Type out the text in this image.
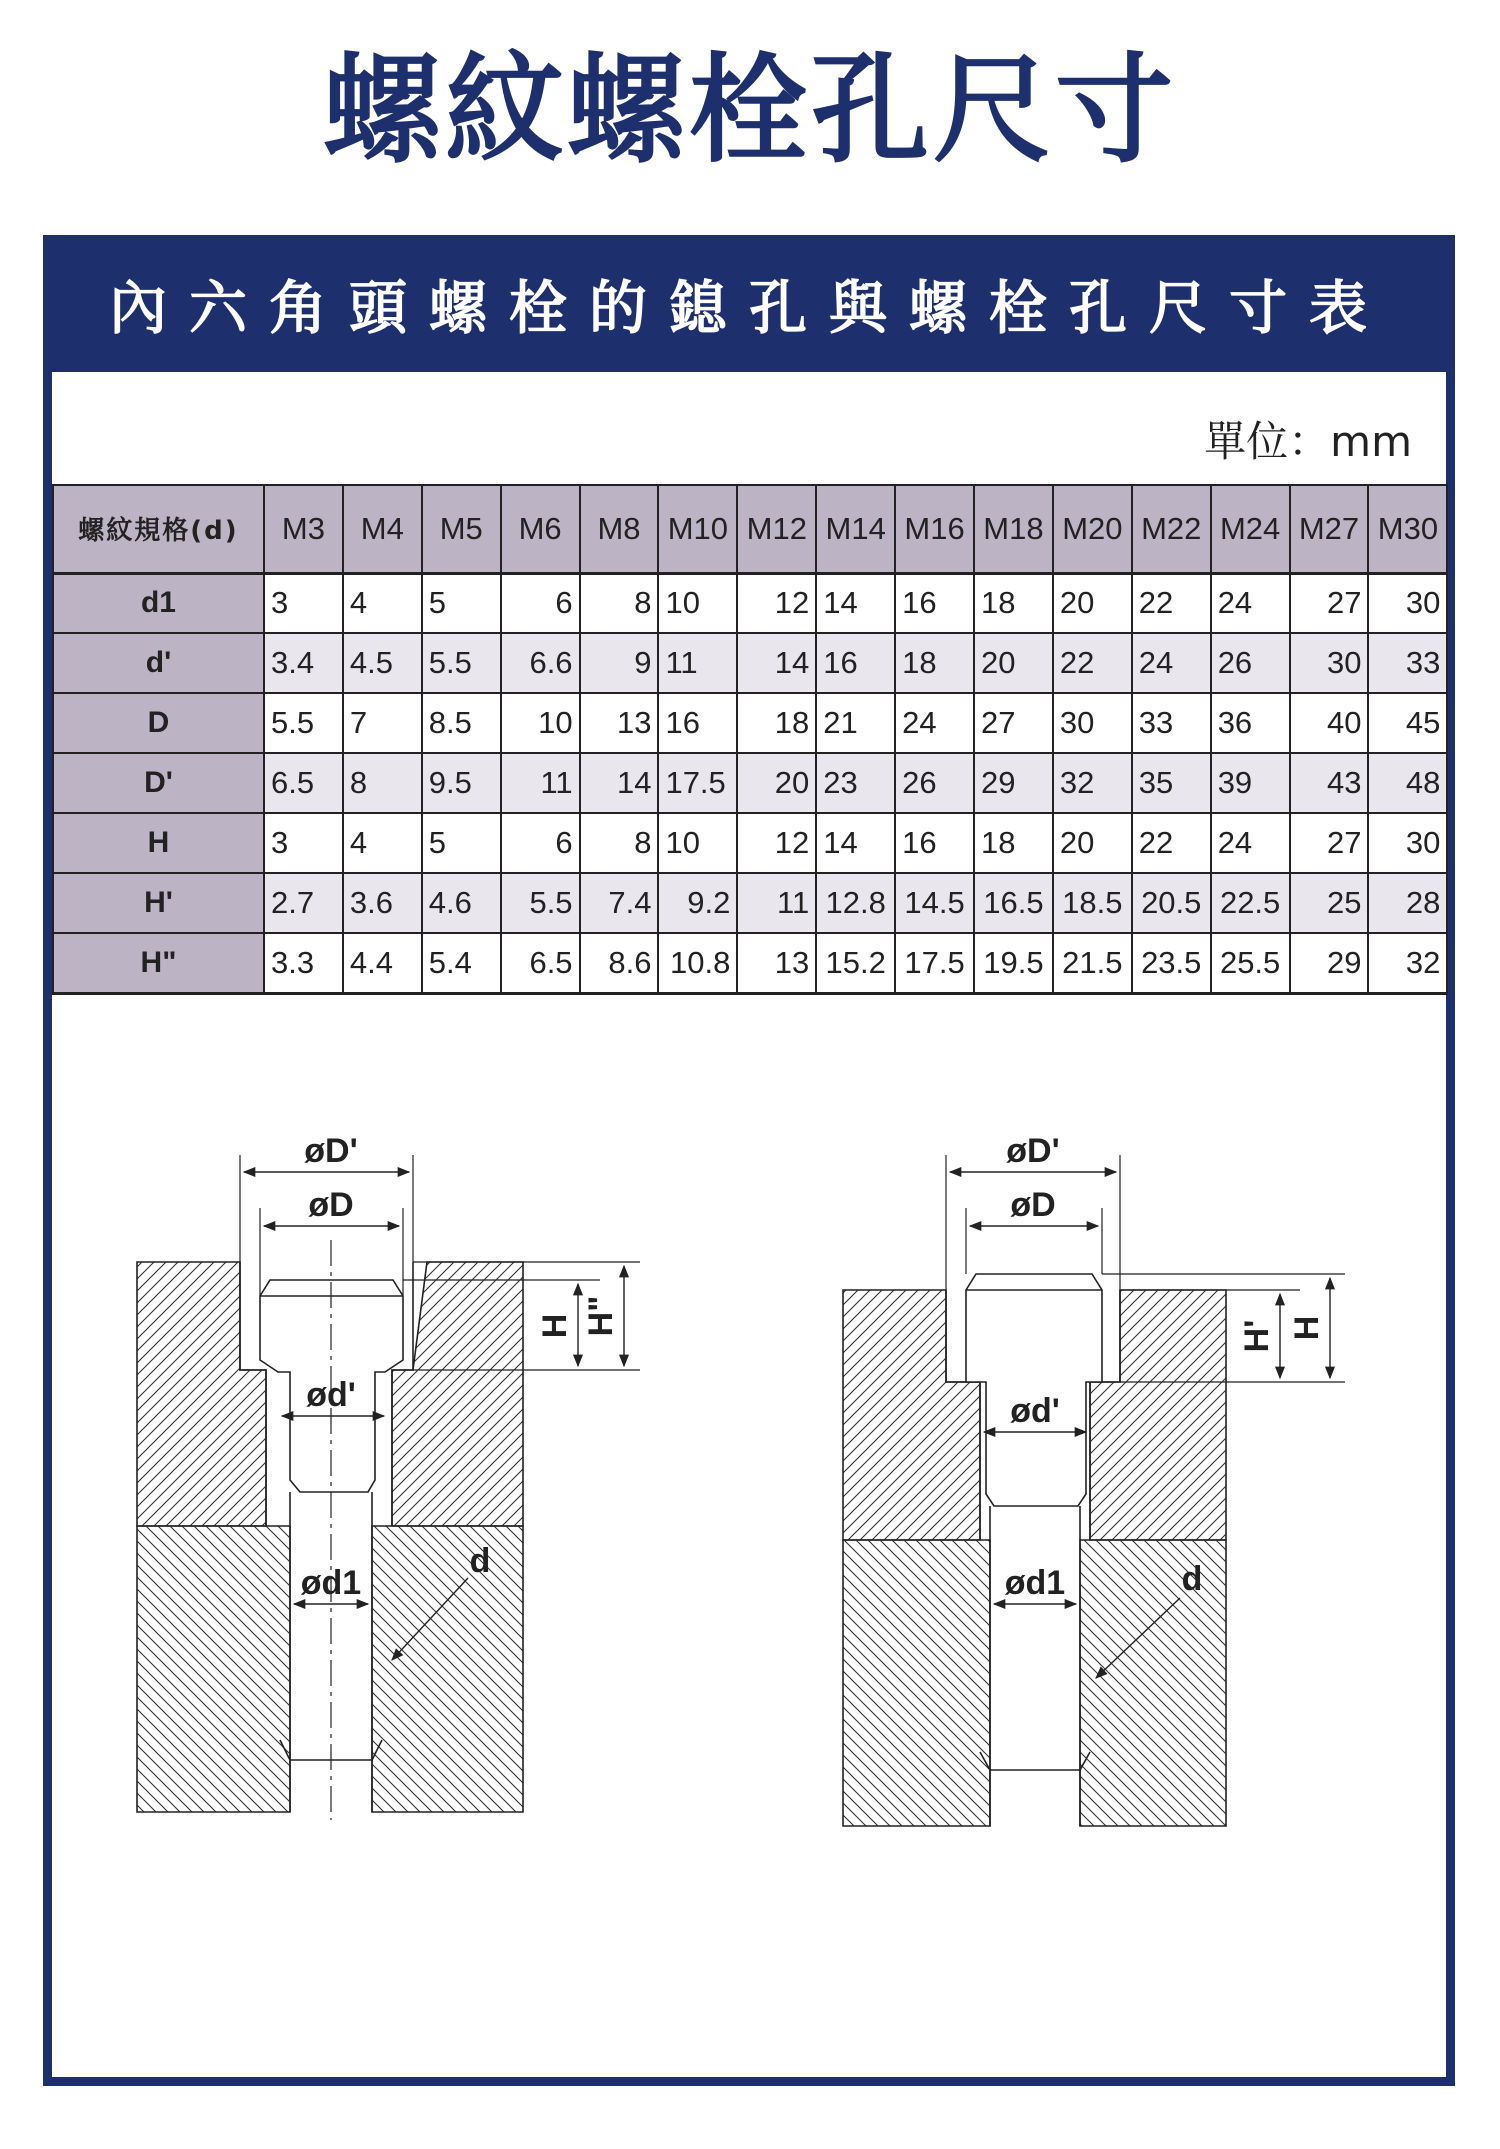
螺紋螺栓孔尺寸
內六角頭螺栓的鎴孔與螺栓孔尺寸表
單位：mm
螺紋規格(d)	M3	M4	M5	M6	M8	M10	M12	M14	M16	M18	M20	M22	M24	M27	M30
d1	3	4	5	6	8	10	12	14	16	18	20	22	24	27	30
d'	3.4	4.5	5.5	6.6	9	11	14	16	18	20	22	24	26	30	33
D	5.5	7	8.5	10	13	16	18	21	24	27	30	33	36	40	45
D'	6.5	8	9.5	11	14	17.5	20	23	26	29	32	35	39	43	48
H	3	4	5	6	8	10	12	14	16	18	20	22	24	27	30
H'	2.7	3.6	4.6	5.5	7.4	9.2	11	12.8	14.5	16.5	18.5	20.5	22.5	25	28
H"	3.3	4.4	5.4	6.5	8.6	10.8	13	15.2	17.5	19.5	21.5	23.5	25.5	29	32
øD'
øD
ød'
ød1
d
H H"
øD'
øD
ød'
ød1	d
H' H
